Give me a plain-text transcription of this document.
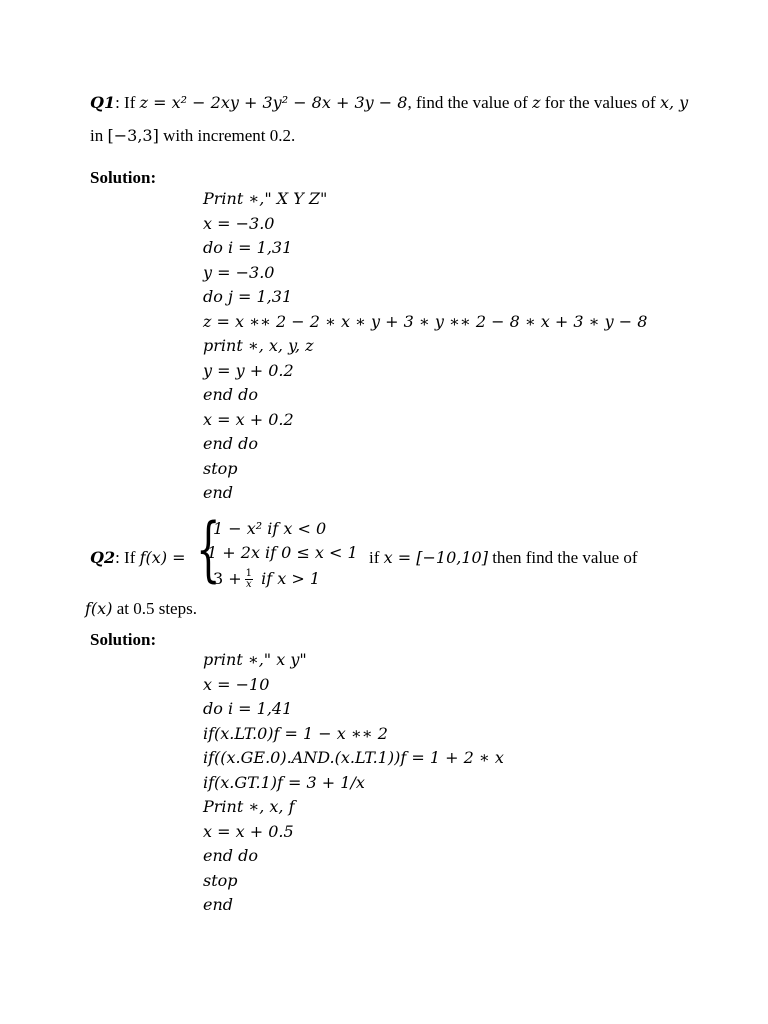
Q1: If z = x² − 2xy + 3y² − 8x + 3y − 8, find the value of z for the values of x, y
in [−3,3] with increment 0.2.
Solution:
Print ∗," X Y Z"
x = −3.0
do i = 1,31
y = −3.0
do j = 1,31
z = x ∗∗ 2 − 2 ∗ x ∗ y + 3 ∗ y ∗∗ 2 − 8 ∗ x + 3 ∗ y − 8
print ∗, x, y, z
y = y + 0.2
end do
x = x + 0.2
end do
stop
end
Q2: If f(x) = {
1 − x² if x < 0
1 + 2x if 0 ≤ x < 1
$3 + \frac{1}{x}$ if x > 1
if x = [−10,10] then find the value of
f(x) at 0.5 steps.
Solution:
print ∗," x y"
x = −10
do i = 1,41
if(x.LT.0)f = 1 − x ∗∗ 2
if((x.GE.0).AND.(x.LT.1))f = 1 + 2 ∗ x
if(x.GT.1)f = 3 + 1/x
Print ∗, x, f
x = x + 0.5
end do
stop
end
